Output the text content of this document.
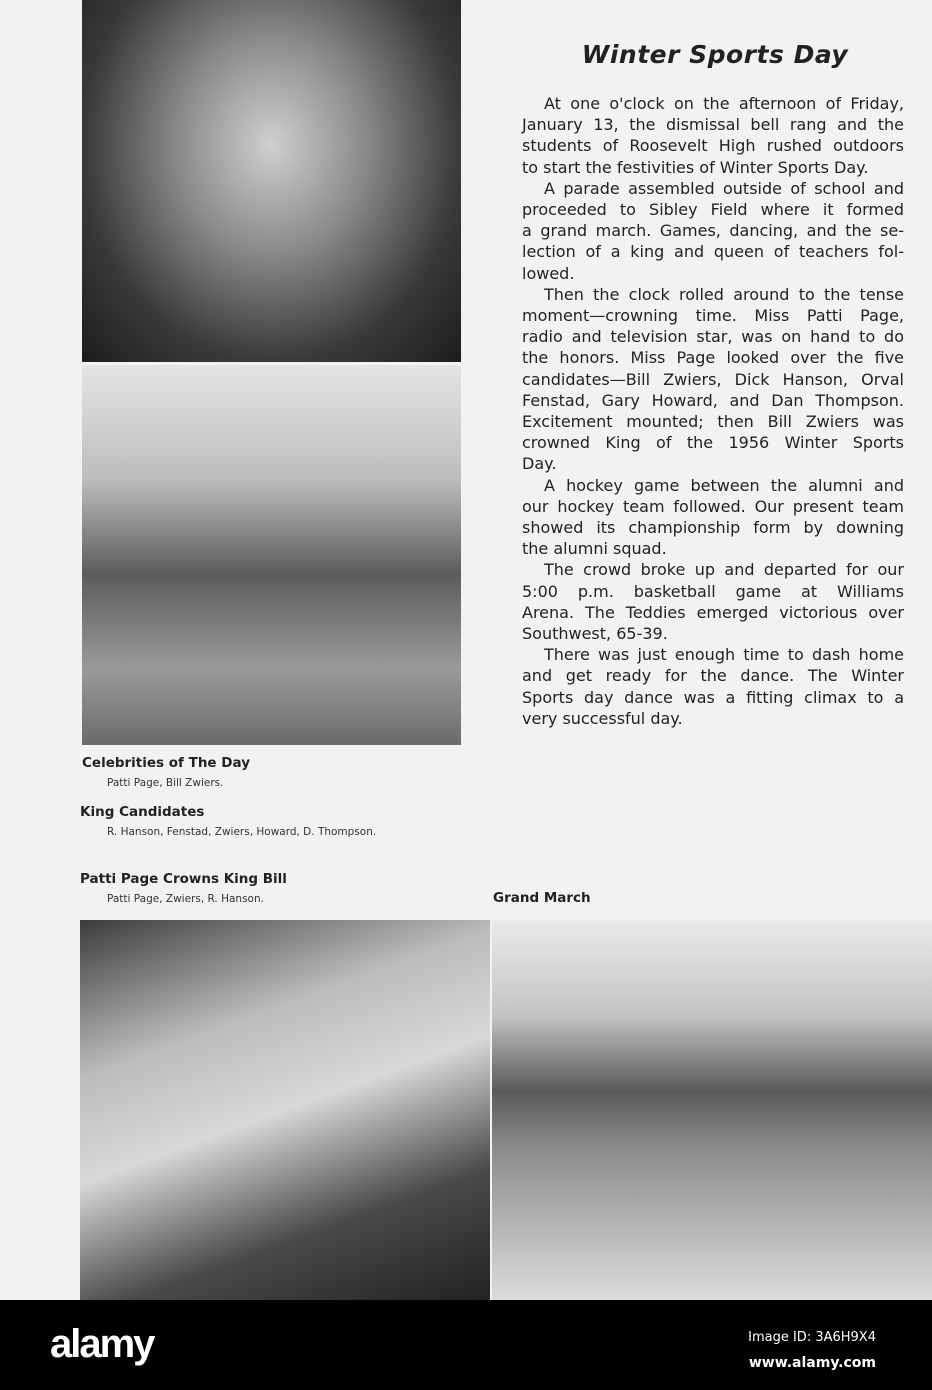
Winter Sports Day
At one o'clock on the afternoon of Friday,
January 13, the dismissal bell rang and the
students of Roosevelt High rushed outdoors
to start the festivities of Winter Sports Day.
A parade assembled outside of school and
proceeded to Sibley Field where it formed
a grand march. Games, dancing, and the se-
lection of a king and queen of teachers fol-
lowed.
Then the clock rolled around to the tense
moment—crowning time. Miss Patti Page,
radio and television star, was on hand to do
the honors. Miss Page looked over the five
candidates—Bill Zwiers, Dick Hanson, Orval
Fenstad, Gary Howard, and Dan Thompson.
Excitement mounted; then Bill Zwiers was
crowned King of the 1956 Winter Sports
Day.
A hockey game between the alumni and
our hockey team followed. Our present team
showed its championship form by downing
the alumni squad.
The crowd broke up and departed for our
5:00 p.m. basketball game at Williams
Arena. The Teddies emerged victorious over
Southwest, 65-39.
There was just enough time to dash home
and get ready for the dance. The Winter
Sports day dance was a fitting climax to a
very successful day.
Celebrities of The Day
Patti Page, Bill Zwiers.
King Candidates
R. Hanson, Fenstad, Zwiers, Howard, D. Thompson.
Patti Page Crowns King Bill
Patti Page, Zwiers, R. Hanson.	Grand March
alamy	Image ID: 3A6H9X4
www.alamy.com
